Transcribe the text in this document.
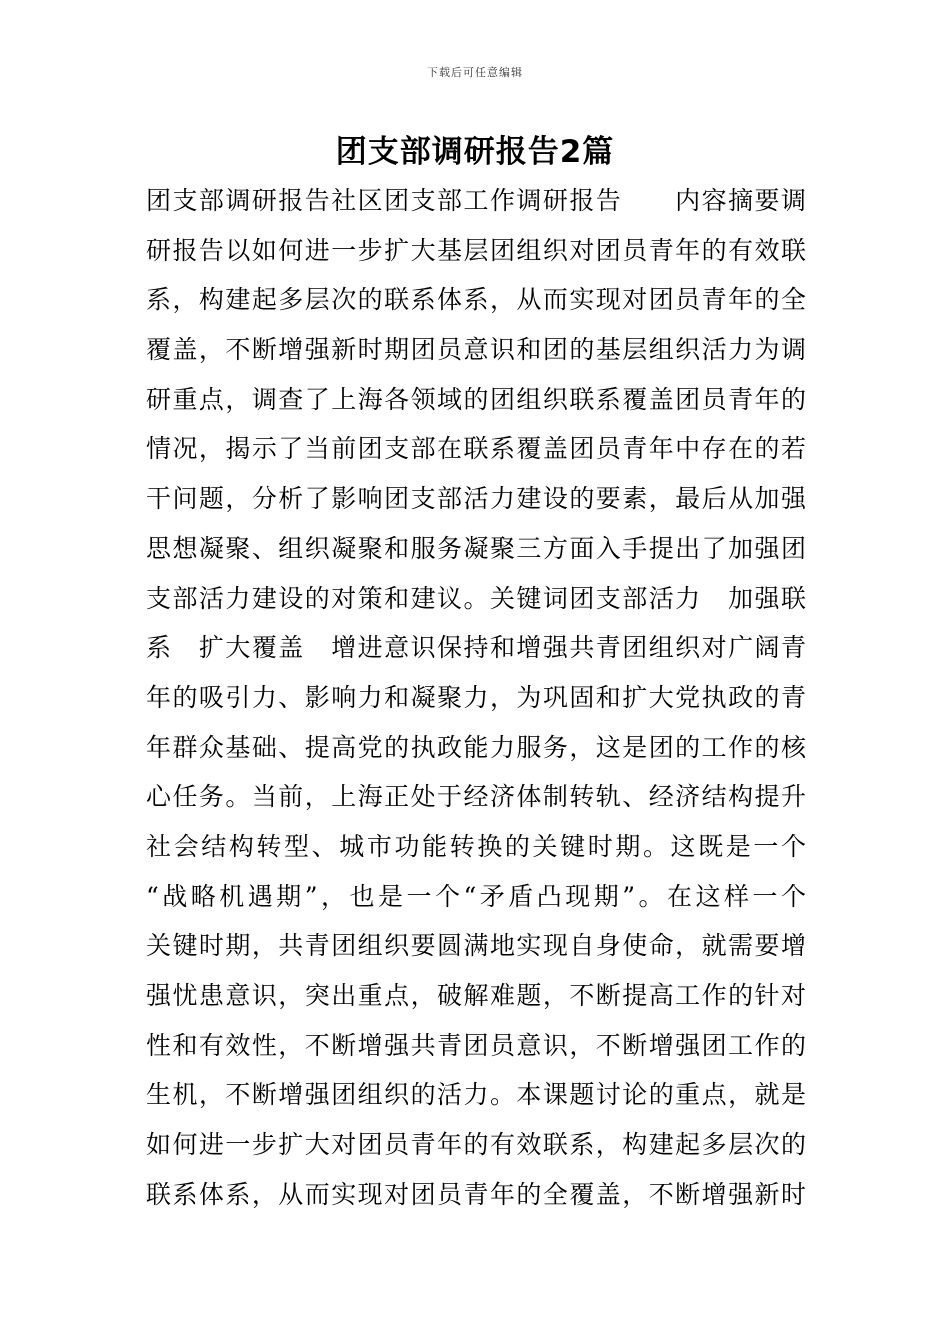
下载后可任意编辑
团支部调研报告2篇
团支部调研报告社区团支部工作调研报告　　内容摘要调
研报告以如何进一步扩大基层团组织对团员青年的有效联
系，构建起多层次的联系体系，从而实现对团员青年的全
覆盖，不断增强新时期团员意识和团的基层组织活力为调
研重点，调查了上海各领域的团组织联系覆盖团员青年的
情况，揭示了当前团支部在联系覆盖团员青年中存在的若
干问题，分析了影响团支部活力建设的要素，最后从加强
思想凝聚、组织凝聚和服务凝聚三方面入手提出了加强团
支部活力建设的对策和建议。关键词团支部活力　加强联
系　扩大覆盖　增进意识保持和增强共青团组织对广阔青
年的吸引力、影响力和凝聚力，为巩固和扩大党执政的青
年群众基础、提高党的执政能力服务，这是团的工作的核
心任务。当前，上海正处于经济体制转轨、经济结构提升
社会结构转型、城市功能转换的关键时期。这既是一个
“战略机遇期”，也是一个“矛盾凸现期”。在这样一个
关键时期，共青团组织要圆满地实现自身使命，就需要增
强忧患意识，突出重点，破解难题，不断提高工作的针对
性和有效性，不断增强共青团员意识，不断增强团工作的
生机，不断增强团组织的活力。本课题讨论的重点，就是
如何进一步扩大对团员青年的有效联系，构建起多层次的
联系体系，从而实现对团员青年的全覆盖，不断增强新时
